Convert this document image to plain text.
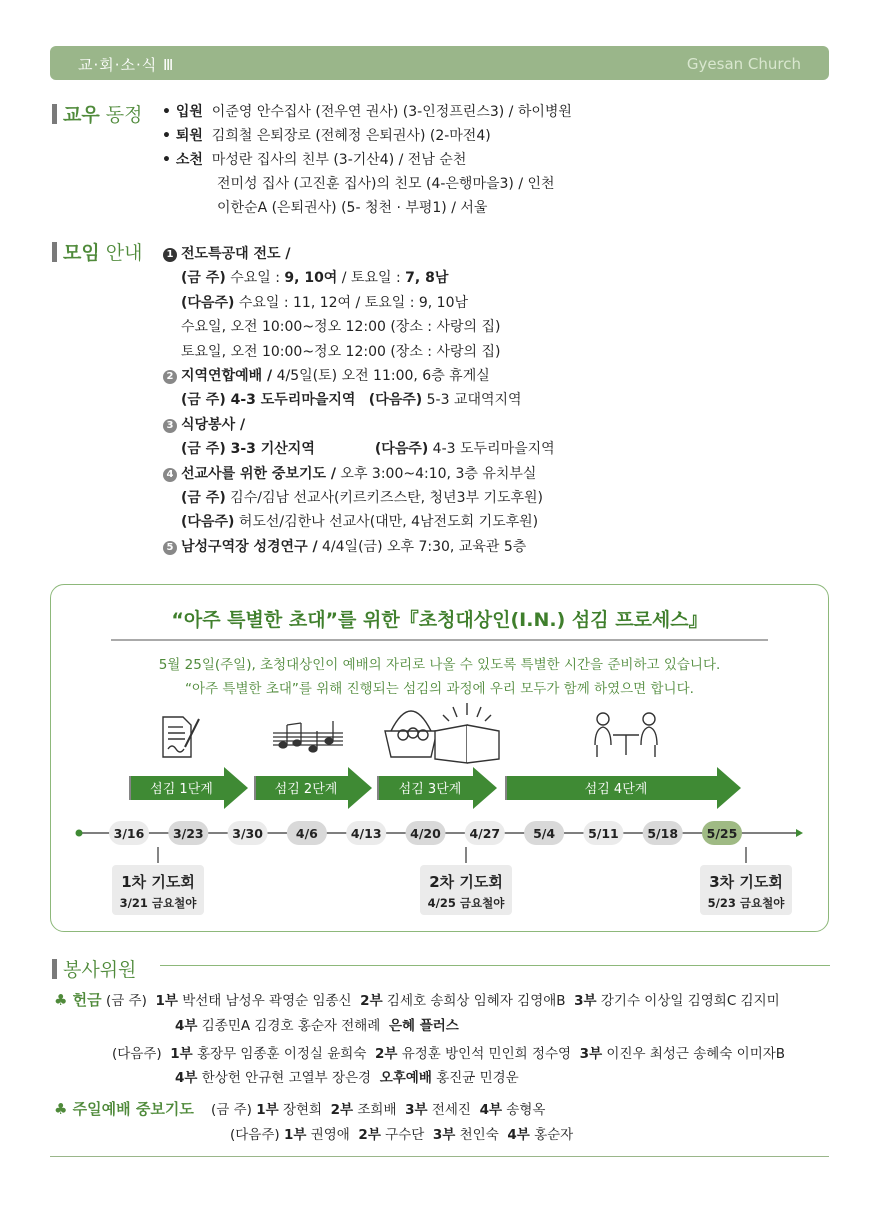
교·회·소·식 Ⅲ	Gyesan Church
교우 동정 • 입원 이준영 안수집사 (전우연 권사) (3-인정프린스3) / 하이병원
• 퇴원 김희철 은퇴장로 (전혜정 은퇴권사) (2-마전4)
• 소천 마성란 집사의 친부 (3-기산4) / 전남 순천
전미성 집사 (고진훈 집사)의 친모 (4-은행마을3) / 인천
이한순A (은퇴권사) (5- 청천 · 부평1) / 서울
모임 안내	1 전도특공대 전도 /
(금 주) 수요일 : 9, 10여 / 토요일 : 7, 8남
(다음주) 수요일 : 11, 12여 / 토요일 : 9, 10남
수요일, 오전 10:00~정오 12:00 (장소 : 사랑의 집)
토요일, 오전 10:00~정오 12:00 (장소 : 사랑의 집)
2 지역연합예배 / 4/5일(토) 오전 11:00, 6층 휴게실
(금 주) 4-3 도두리마을지역 (다음주) 5-3 교대역지역
3 식당봉사 /
(금 주) 3-3 기산지역	(다음주) 4-3 도두리마을지역
4 선교사를 위한 중보기도 / 오후 3:00~4:10, 3층 유치부실
(금 주) 김수/김남 선교사(키르키즈스탄, 청년3부 기도후원)
(다음주) 허도선/김한나 선교사(대만, 4남전도회 기도후원)
5 남성구역장 성경연구 / 4/4일(금) 오후 7:30, 교육관 5층
“아주 특별한 초대”를 위한『초청대상인(I.N.) 섬김 프로세스』
5월 25일(주일), 초청대상인이 예배의 자리로 나올 수 있도록 특별한 시간을 준비하고 있습니다.
“아주 특별한 초대”를 위해 진행되는 섬김의 과정에 우리 모두가 함께 하였으면 합니다.
섬김 1단계	섬김 2단계	섬김 3단계	섬김 4단계
3/16 3/23 3/30	4/6	4/13 4/20 4/27	5/4	5/11 5/18 5/25
1차 기도회
3/21 금요철야
2차 기도회
4/25 금요철야
3차 기도회
5/23 금요철야
봉사위원
♣ 헌금 (금 주) 1부 박선태 남성우 곽영순 임종신 2부 김세호 송희상 임혜자 김영애B 3부 강기수 이상일 김영희C 김지미
4부 김종민A 김경호 홍순자 전해례 은혜 플러스
(다음주) 1부 홍장무 임종훈 이정실 윤희숙 2부 유정훈 방인석 민인희 정수영 3부 이진우 최성근 송혜숙 이미자B
4부 한상헌 안규현 고열부 장은경 오후예배 홍진균 민경운
♣ 주일예배 중보기도 (금 주) 1부 장현희 2부 조희배 3부 전세진 4부 송형옥
(다음주) 1부 권영애 2부 구수단 3부 천인숙 4부 홍순자
